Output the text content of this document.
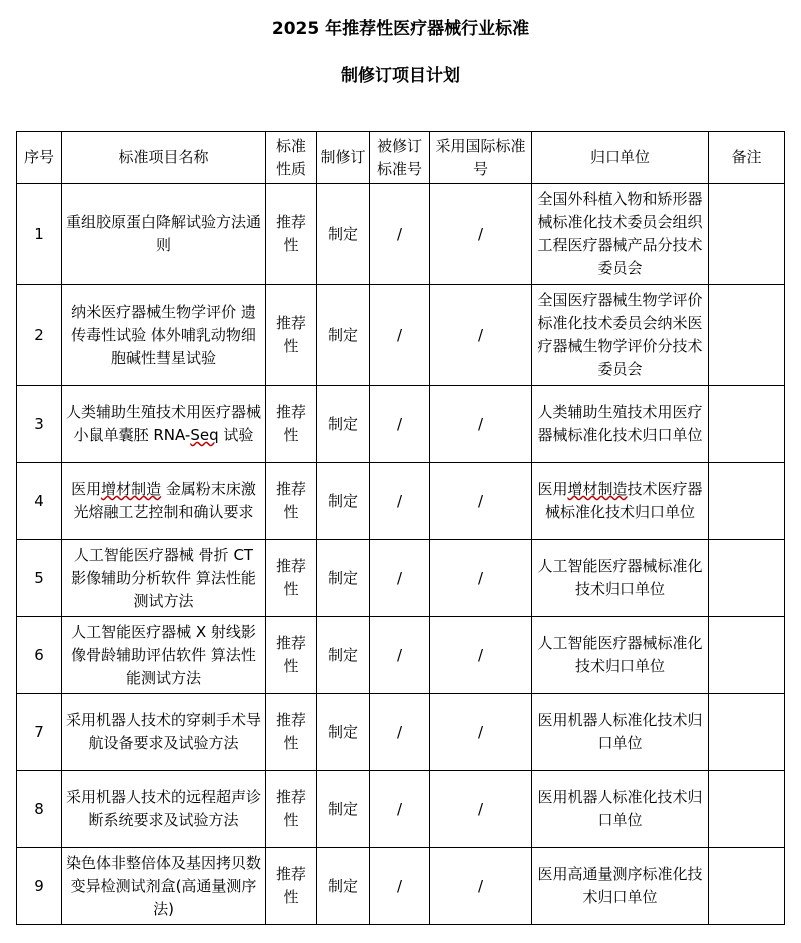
2025 年推荐性医疗器械行业标准
制修订项目计划
序号	标准项目名称	标准性质	制修订	被修订标准号	采用国际标准号	归口单位	备注
1	重组胶原蛋白降解试验方法通则	推荐性	制定	/	/	全国外科植入物和矫形器械标准化技术委员会组织工程医疗器械产品分技术委员会	
2	纳米医疗器械生物学评价 遗传毒性试验 体外哺乳动物细胞碱性彗星试验	推荐性	制定	/	/	全国医疗器械生物学评价标准化技术委员会纳米医疗器械生物学评价分技术委员会	
3	人类辅助生殖技术用医疗器械 小鼠单囊胚 RNA-Seq 试验	推荐性	制定	/	/	人类辅助生殖技术用医疗器械标准化技术归口单位	
4	医用增材制造 金属粉末床激光熔融工艺控制和确认要求	推荐性	制定	/	/	医用增材制造技术医疗器械标准化技术归口单位	
5	人工智能医疗器械 骨折 CT 影像辅助分析软件 算法性能测试方法	推荐性	制定	/	/	人工智能医疗器械标准化技术归口单位	
6	人工智能医疗器械 X 射线影像骨龄辅助评估软件 算法性能测试方法	推荐性	制定	/	/	人工智能医疗器械标准化技术归口单位	
7	采用机器人技术的穿刺手术导航设备要求及试验方法	推荐性	制定	/	/	医用机器人标准化技术归口单位	
8	采用机器人技术的远程超声诊断系统要求及试验方法	推荐性	制定	/	/	医用机器人标准化技术归口单位	
9	染色体非整倍体及基因拷贝数变异检测试剂盒(高通量测序法)	推荐性	制定	/	/	医用高通量测序标准化技术归口单位	
